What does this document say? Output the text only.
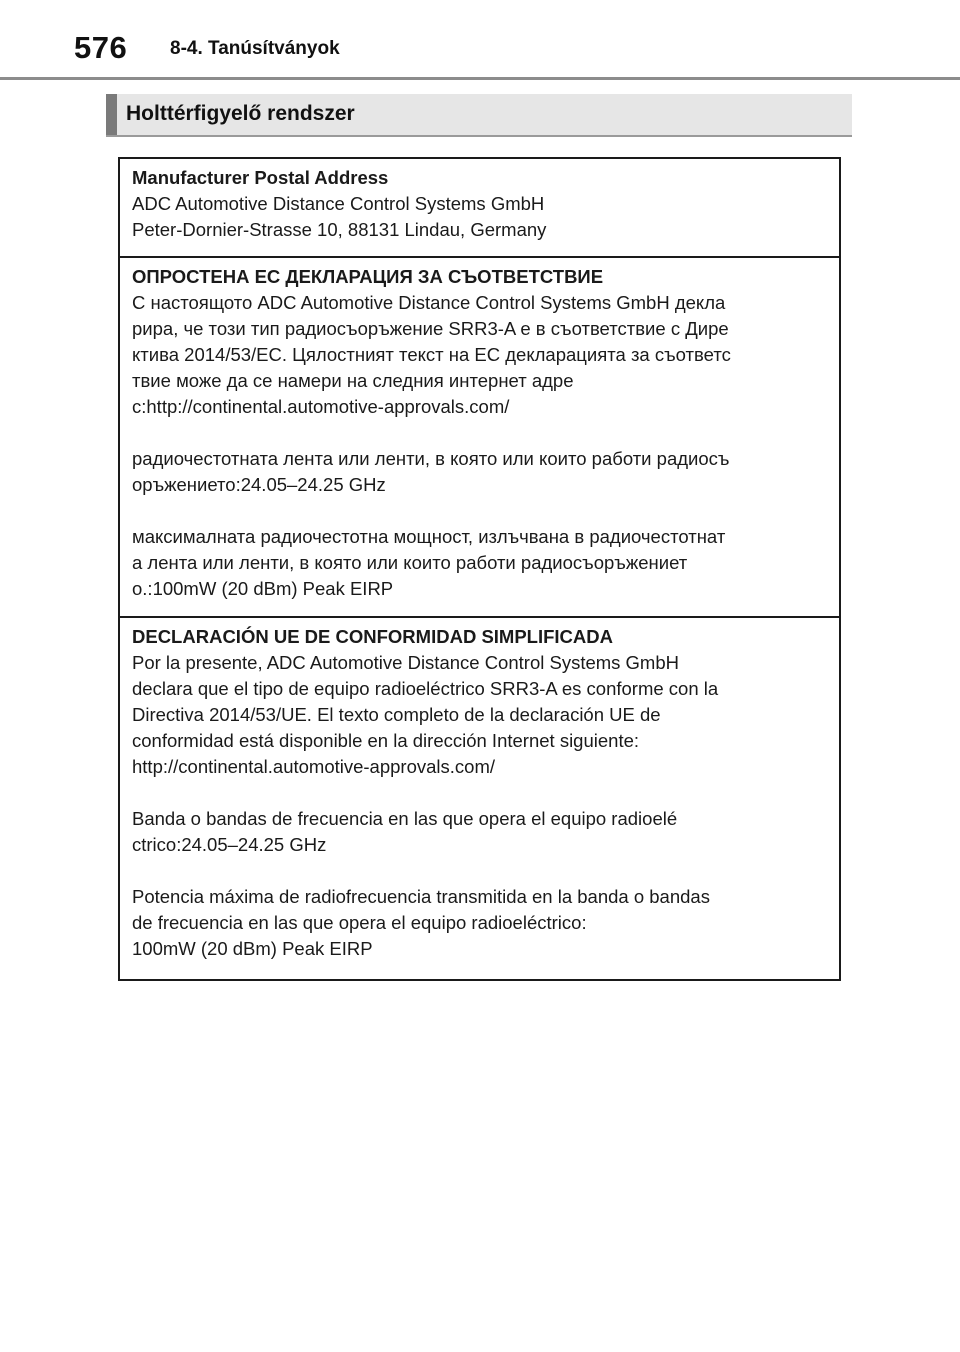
576 8-4. Tanúsítványok
Holttérfigyelő rendszer
Manufacturer Postal Address
ADC Automotive Distance Control Systems GmbH
Peter-Dornier-Strasse 10, 88131 Lindau, Germany
ОПРОСТЕНА ЕС ДЕКЛАРАЦИЯ ЗА СЪОТВЕТСТВИЕ
С настоящото ADC Automotive Distance Control Systems GmbH декла
рира, че този тип радиосъоръжение SRR3-A е в съответствие с Дире
ктива 2014/53/ЕС. Цялостният текст на ЕС декларацията за съответс
твие може да се намери на следния интернет адре
с:http://continental.automotive-approvals.com/
радиочестотната лента или ленти, в която или които работи радиосъ
оръжението:24.05–24.25 GHz
максималната радиочестотна мощност, излъчвана в радиочестотнат
а лента или ленти, в която или които работи радиосъоръжениет
о.:100mW (20 dBm) Peak EIRP
DECLARACIÓN UE DE CONFORMIDAD SIMPLIFICADA
Por la presente, ADC Automotive Distance Control Systems GmbH
declara que el tipo de equipo radioeléctrico SRR3-A es conforme con la
Directiva 2014/53/UE. El texto completo de la declaración UE de
conformidad está disponible en la dirección Internet siguiente:
http://continental.automotive-approvals.com/
Banda o bandas de frecuencia en las que opera el equipo radioelé
ctrico:24.05–24.25 GHz
Potencia máxima de radiofrecuencia transmitida en la banda o bandas
de frecuencia en las que opera el equipo radioeléctrico:
100mW (20 dBm) Peak EIRP
